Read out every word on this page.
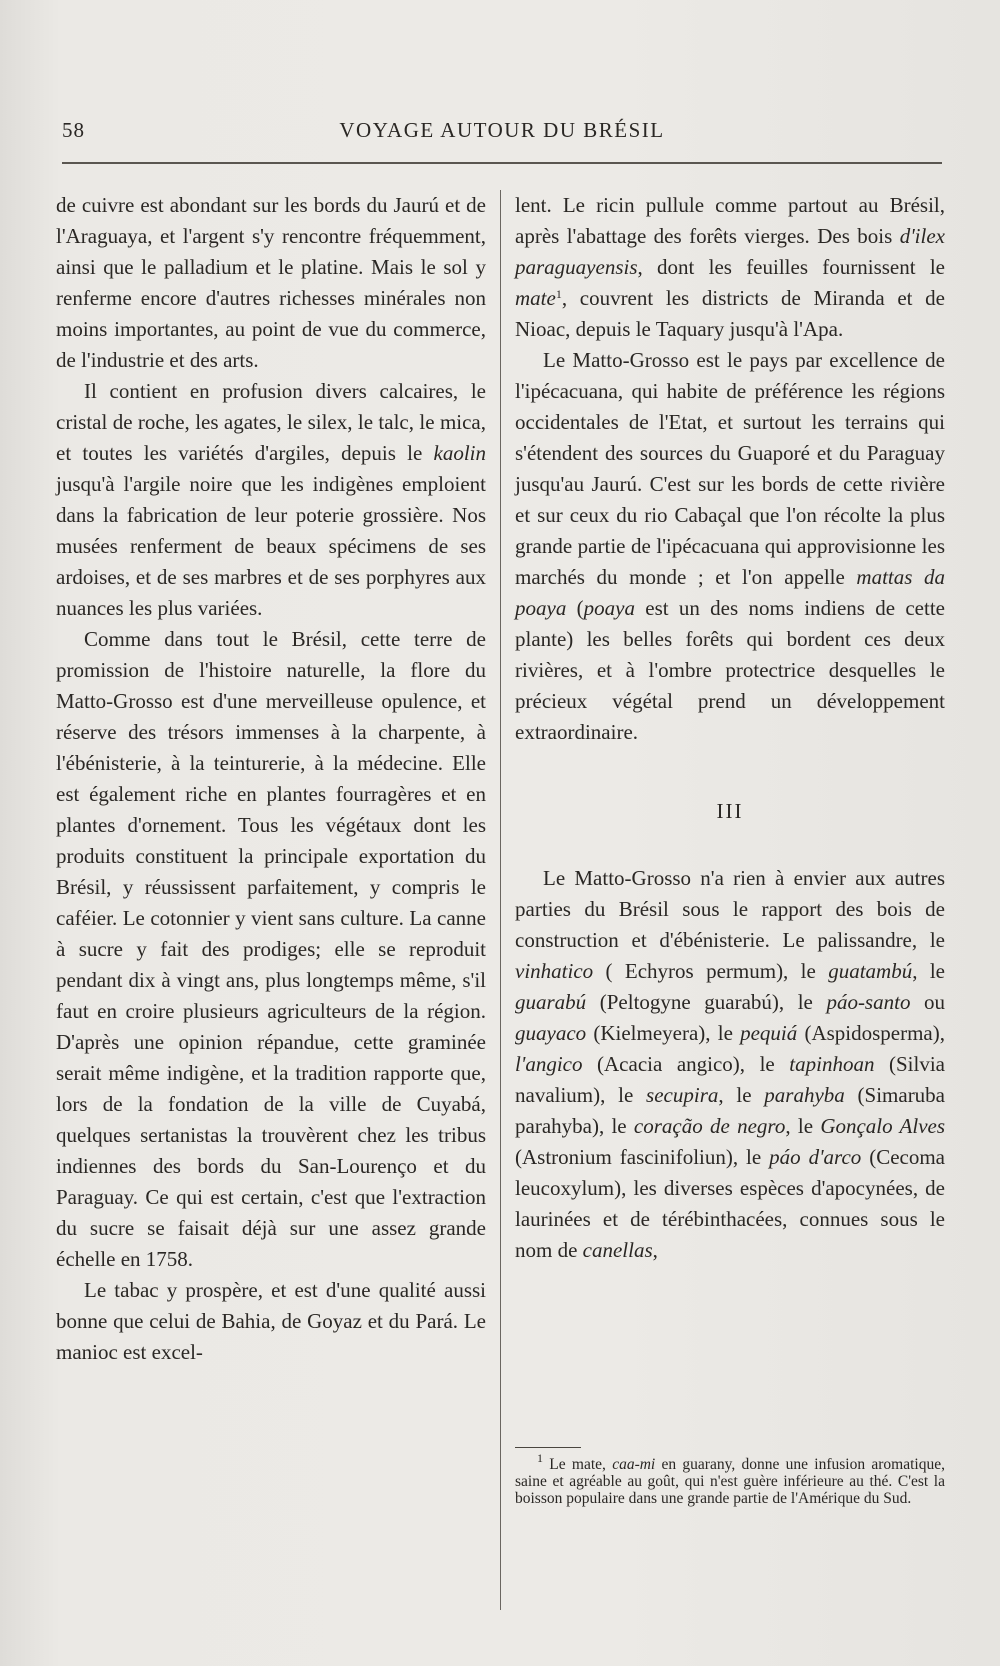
58	VOYAGE AUTOUR DU BRÉSIL

de cuivre est abondant sur les bords du Jaurú et de l'Araguaya, et l'argent s'y rencontre fréquemment, ainsi que le palladium et le platine. Mais le sol y renferme encore d'autres richesses minérales non moins importantes, au point de vue du commerce, de l'industrie et des arts.

Il contient en profusion divers calcaires, le cristal de roche, les agates, le silex, le talc, le mica, et toutes les variétés d'argiles, depuis le kaolin jusqu'à l'argile noire que les indigènes emploient dans la fabrication de leur poterie grossière. Nos musées renferment de beaux spécimens de ses ardoises, et de ses marbres et de ses porphyres aux nuances les plus variées.

Comme dans tout le Brésil, cette terre de promission de l'histoire naturelle, la flore du Matto-Grosso est d'une merveilleuse opulence, et réserve des trésors immenses à la charpente, à l'ébénisterie, à la teinturerie, à la médecine. Elle est également riche en plantes fourragères et en plantes d'ornement. Tous les végétaux dont les produits constituent la principale exportation du Brésil, y réussissent parfaitement, y compris le caféier. Le cotonnier y vient sans culture. La canne à sucre y fait des prodiges; elle se reproduit pendant dix à vingt ans, plus longtemps même, s'il faut en croire plusieurs agriculteurs de la région. D'après une opinion répandue, cette graminée serait même indigène, et la tradition rapporte que, lors de la fondation de la ville de Cuyabá, quelques sertanistas la trouvèrent chez les tribus indiennes des bords du San-Lourenço et du Paraguay. Ce qui est certain, c'est que l'extraction du sucre se faisait déjà sur une assez grande échelle en 1758.

Le tabac y prospère, et est d'une qualité aussi bonne que celui de Bahia, de Goyaz et du Pará. Le manioc est excel-

lent. Le ricin pullule comme partout au Brésil, après l'abattage des forêts vierges. Des bois d'ilex paraguayensis, dont les feuilles fournissent le mate$^1$, couvrent les districts de Miranda et de Nioac, depuis le Taquary jusqu'à l'Apa.

Le Matto-Grosso est le pays par excellence de l'ipécacuana, qui habite de préférence les régions occidentales de l'Etat, et surtout les terrains qui s'étendent des sources du Guaporé et du Paraguay jusqu'au Jaurú. C'est sur les bords de cette rivière et sur ceux du rio Cabaçal que l'on récolte la plus grande partie de l'ipécacuana qui approvisionne les marchés du monde ; et l'on appelle mattas da poaya (poaya est un des noms indiens de cette plante) les belles forêts qui bordent ces deux rivières, et à l'ombre protectrice desquelles le précieux végétal prend un développement extraordinaire.

III

Le Matto-Grosso n'a rien à envier aux autres parties du Brésil sous le rapport des bois de construction et d'ébénisterie. Le palissandre, le vinhatico ( Echyros permum), le guatambú, le guarabú (Peltogyne guarabú), le páo-santo ou guayaco (Kielmeyera), le pequiá (Aspidosperma), l'angico (Acacia angico), le tapinhoan (Silvia navalium), le secupira, le parahyba (Simaruba parahyba), le coração de negro, le Gonçalo Alves (Astronium fascinifoliun), le páo d'arco (Cecoma leucoxylum), les diverses espèces d'apocynées, de laurinées et de térébinthacées, connues sous le nom de canellas,

$^1$ Le mate, caa-mi en guarany, donne une infusion aromatique, saine et agréable au goût, qui n'est guère inférieure au thé. C'est la boisson populaire dans une grande partie de l'Amérique du Sud.
